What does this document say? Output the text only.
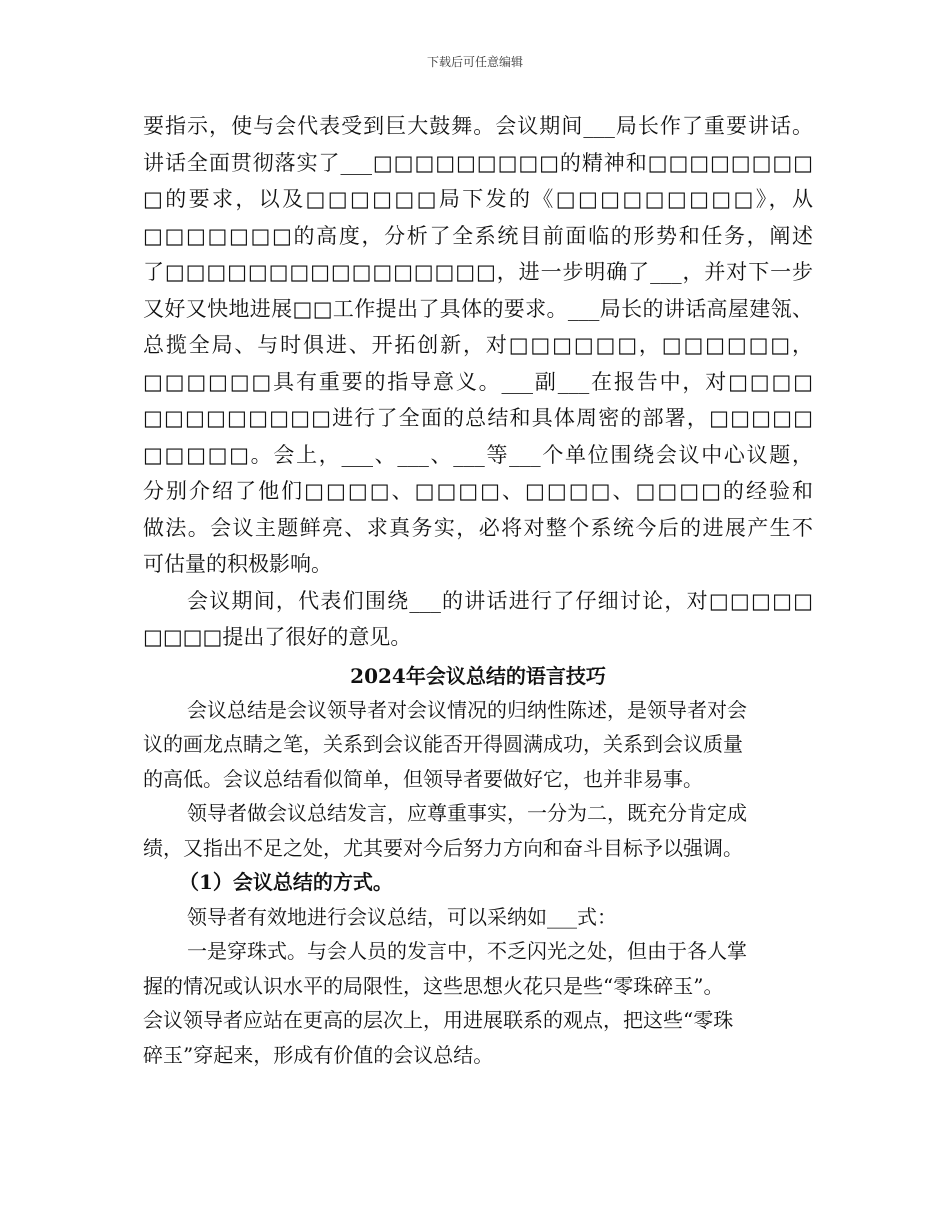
下载后可任意编辑
要指示，使与会代表受到巨大鼓舞。会议期间___局长作了重要讲话。
讲话全面贯彻落实了___□□□□□□□□□的精神和□□□□□□□□
□的要求，以及□□□□□□局下发的《□□□□□□□□□》，从
□□□□□□□的高度，分析了全系统目前面临的形势和任务，阐述
了□□□□□□□□□□□□□□□□，进一步明确了___，并对下一步
又好又快地进展□□工作提出了具体的要求。___局长的讲话高屋建瓴、
总揽全局、与时俱进、开拓创新，对□□□□□□，□□□□□□，
□□□□□□具有重要的指导意义。___副___在报告中，对□□□□
□□□□□□□□□进行了全面的总结和具体周密的部署，□□□□□
□□□□□。会上，___、___、___等___个单位围绕会议中心议题，
分别介绍了他们□□□□、□□□□、□□□□、□□□□的经验和
做法。会议主题鲜亮、求真务实，必将对整个系统今后的进展产生不
可估量的积极影响。
会议期间，代表们围绕___的讲话进行了仔细讨论，对□□□□□
□□□□提出了很好的意见。
2024年会议总结的语言技巧
会议总结是会议领导者对会议情况的归纳性陈述，是领导者对会
议的画龙点睛之笔，关系到会议能否开得圆满成功，关系到会议质量
的高低。会议总结看似简单，但领导者要做好它，也并非易事。
领导者做会议总结发言，应尊重事实，一分为二，既充分肯定成
绩，又指出不足之处，尤其要对今后努力方向和奋斗目标予以强调。
（1）会议总结的方式。
领导者有效地进行会议总结，可以采纳如___式：
一是穿珠式。与会人员的发言中，不乏闪光之处，但由于各人掌
握的情况或认识水平的局限性，这些思想火花只是些“零珠碎玉”。
会议领导者应站在更高的层次上，用进展联系的观点，把这些“零珠
碎玉”穿起来，形成有价值的会议总结。
